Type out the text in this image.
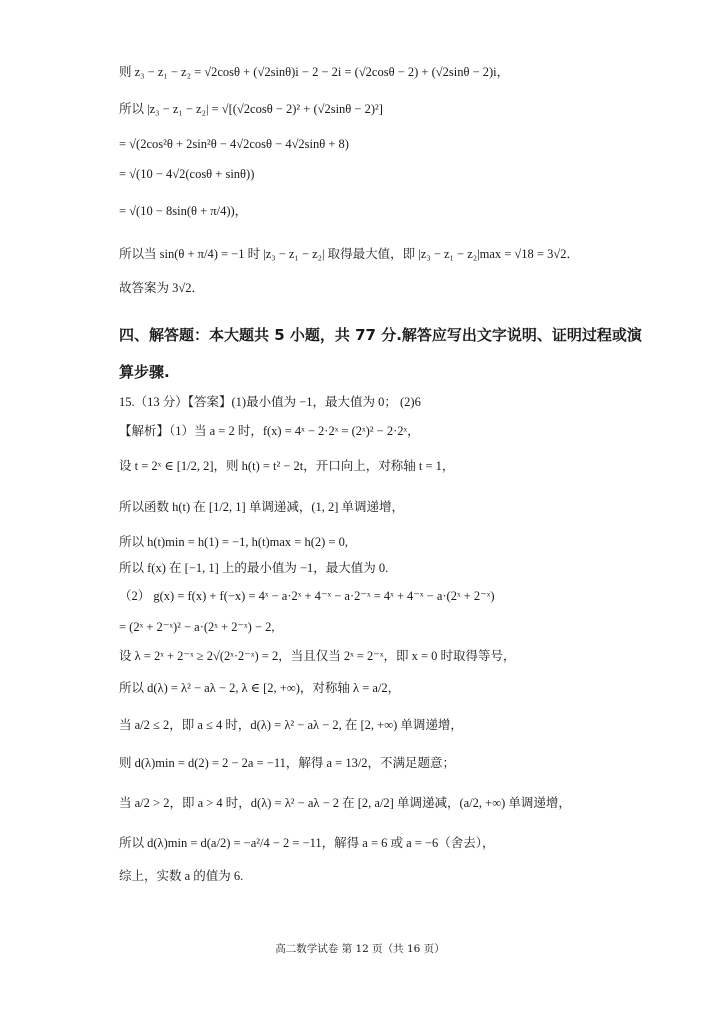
则 z₃ − z₁ − z₂ = √2cosθ + (√2sinθ)i − 2 − 2i = (√2cosθ − 2) + (√2sinθ − 2)i，
所以 |z₃ − z₁ − z₂| = √[(√2cosθ − 2)² + (√2sinθ − 2)²]
= √(2cos²θ + 2sin²θ − 4√2cosθ − 4√2sinθ + 8)
= √(10 − 4√2(cosθ + sinθ))
= √(10 − 8sin(θ + π/4))，
所以当 sin(θ + π/4) = −1 时 |z₃ − z₁ − z₂| 取得最大值，即 |z₃ − z₁ − z₂|max = √18 = 3√2．
故答案为 3√2．
四、解答题：本大题共 5 小题，共 77 分.解答应写出文字说明、证明过程或演
算步骤.
15.（13 分）【答案】(1)最小值为 −1，最大值为 0； (2)6
【解析】（1）当 a = 2 时，f(x) = 4ˣ − 2·2ˣ = (2ˣ)² − 2·2ˣ，
设 t = 2ˣ ∈ [1/2, 2]，则 h(t) = t² − 2t，开口向上，对称轴 t = 1，
所以函数 h(t) 在 [1/2, 1] 单调递减，(1, 2] 单调递增，
所以 h(t)min = h(1) = −1, h(t)max = h(2) = 0,
所以 f(x) 在 [−1, 1] 上的最小值为 −1，最大值为 0.
（2） g(x) = f(x) + f(−x) = 4ˣ − a·2ˣ + 4⁻ˣ − a·2⁻ˣ = 4ˣ + 4⁻ˣ − a·(2ˣ + 2⁻ˣ)
= (2ˣ + 2⁻ˣ)² − a·(2ˣ + 2⁻ˣ) − 2,
设 λ = 2ˣ + 2⁻ˣ ≥ 2√(2ˣ·2⁻ˣ) = 2，当且仅当 2ˣ = 2⁻ˣ，即 x = 0 时取得等号，
所以 d(λ) = λ² − aλ − 2, λ ∈ [2, +∞)，对称轴 λ = a/2，
当 a/2 ≤ 2，即 a ≤ 4 时，d(λ) = λ² − aλ − 2, 在 [2, +∞) 单调递增，
则 d(λ)min = d(2) = 2 − 2a = −11，解得 a = 13/2，不满足题意；
当 a/2 > 2，即 a > 4 时，d(λ) = λ² − aλ − 2 在 [2, a/2] 单调递减，(a/2, +∞) 单调递增，
所以 d(λ)min = d(a/2) = −a²/4 − 2 = −11，解得 a = 6 或 a = −6（舍去），
综上，实数 a 的值为 6.
高二数学试卷 第 12 页（共 16 页）
